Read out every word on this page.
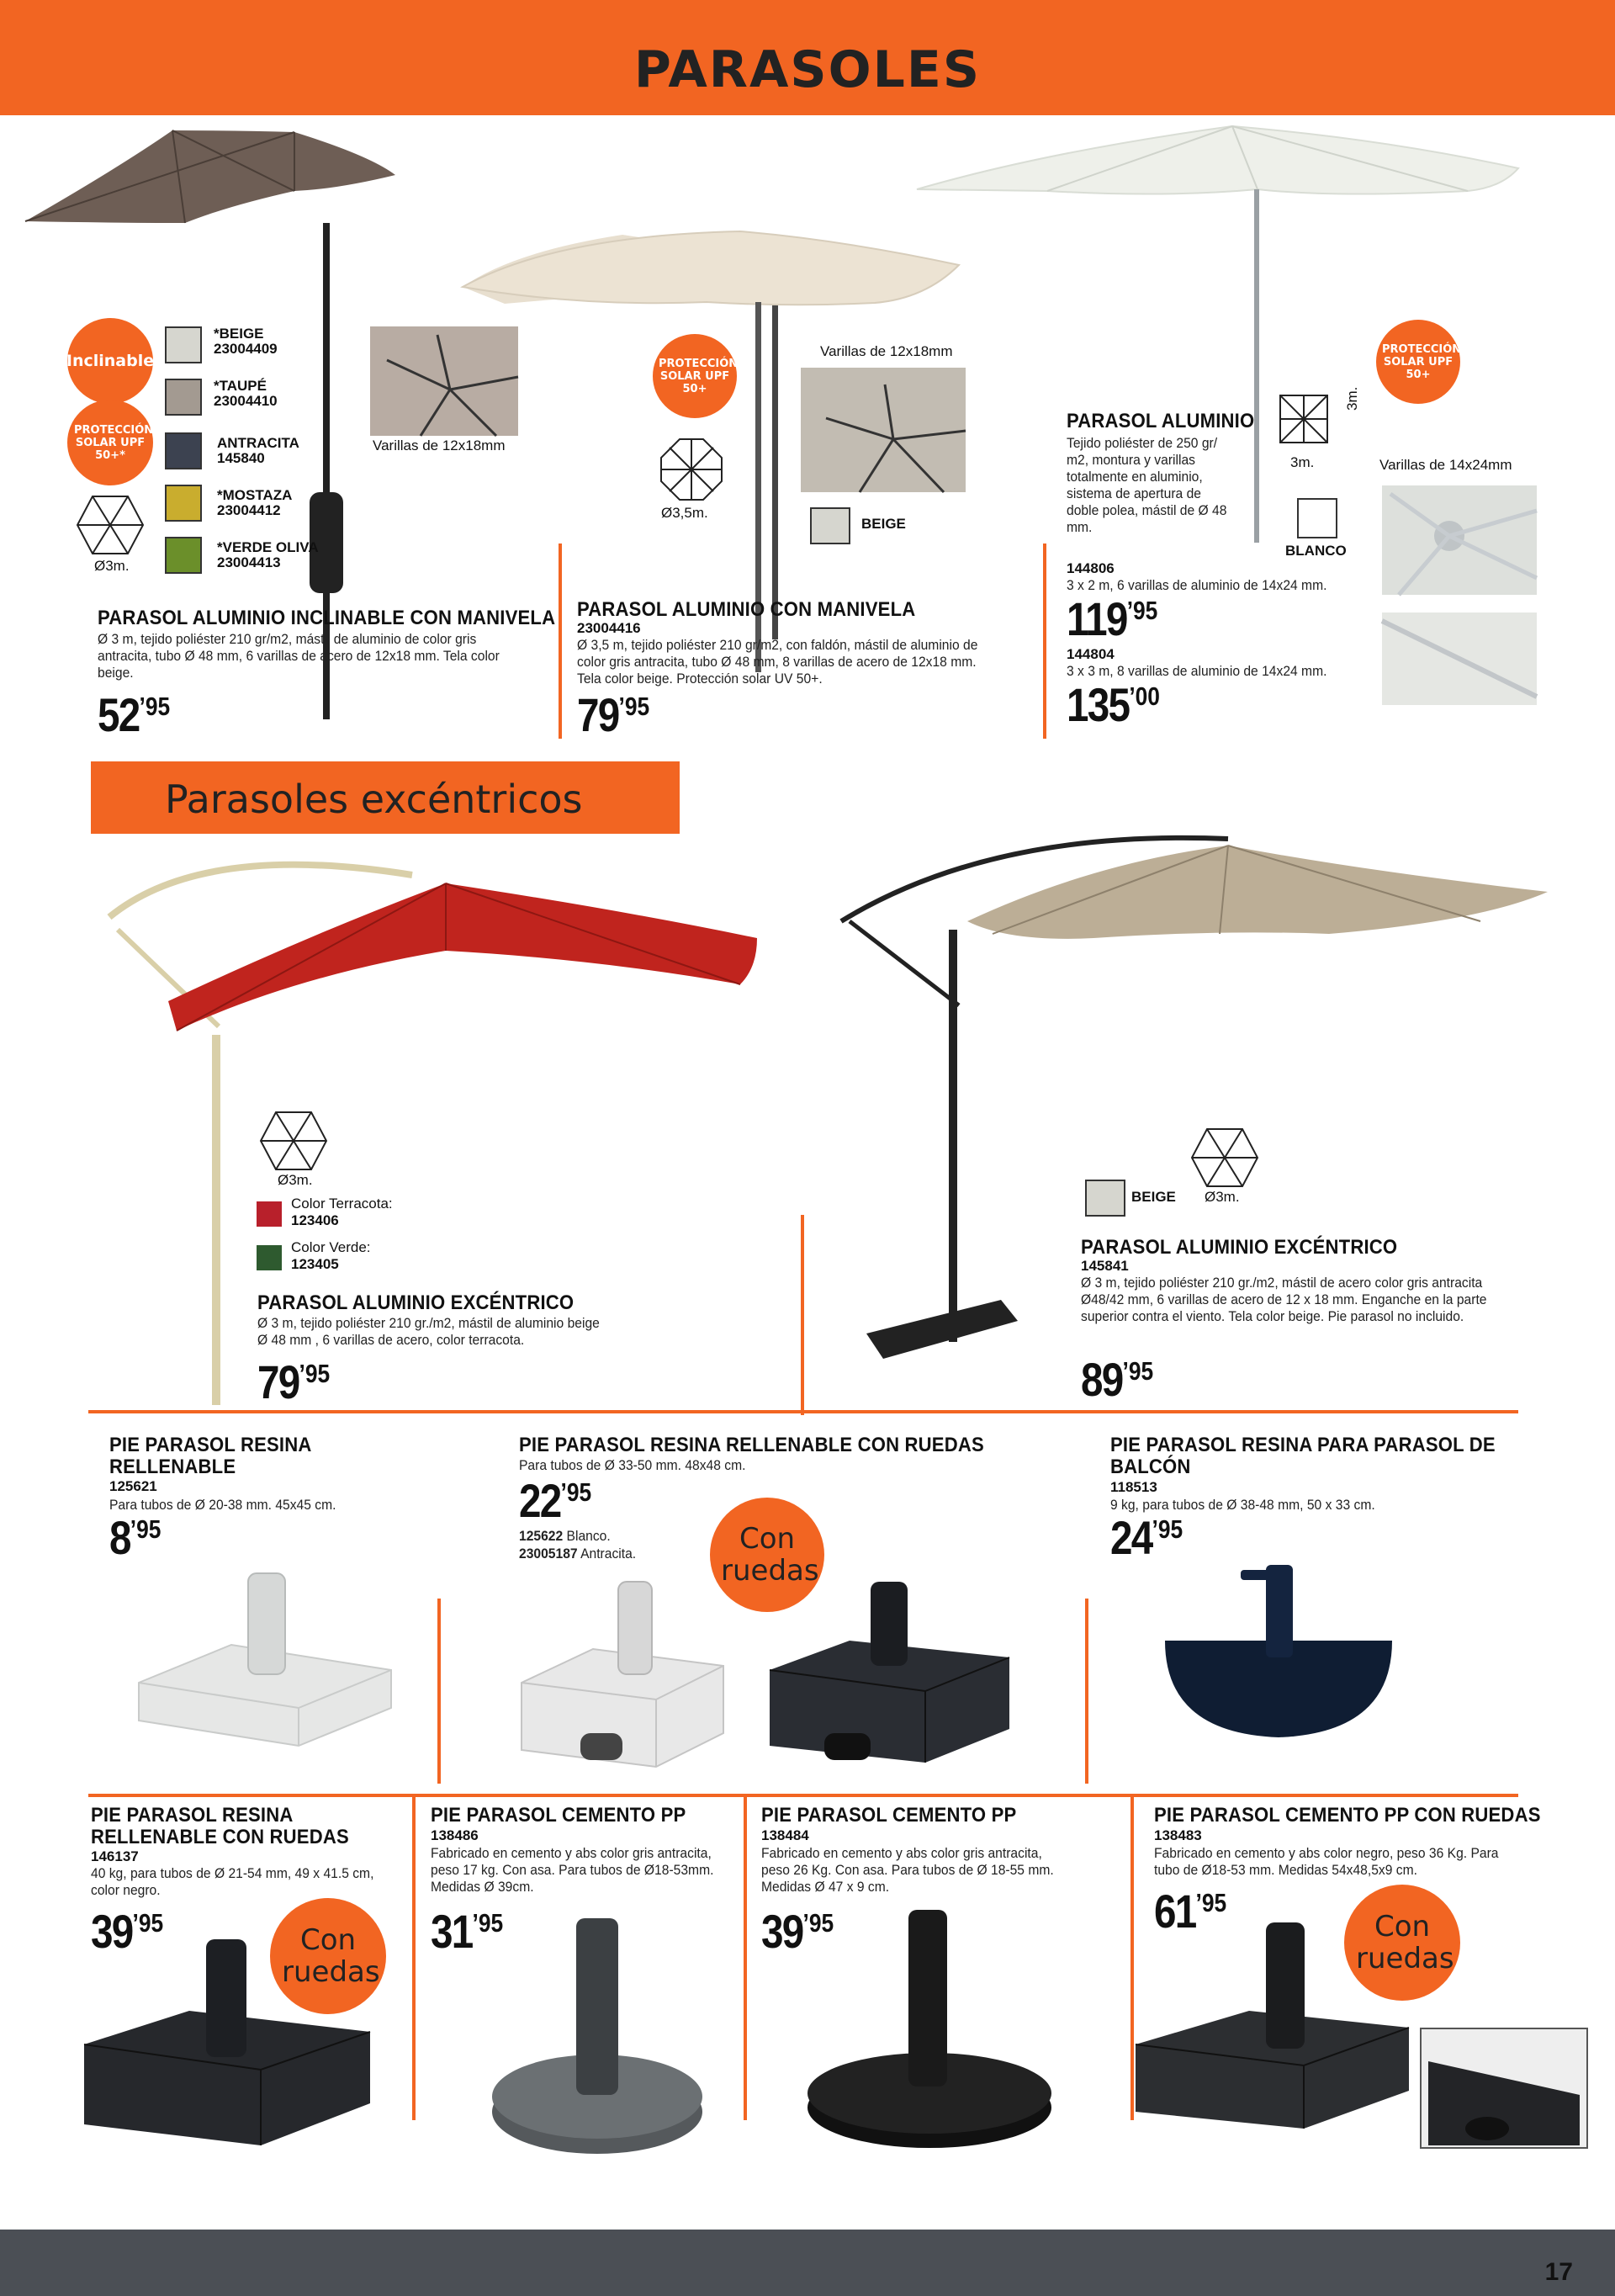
PARASOLES
Inclinable
PROTECCIÓN SOLAR UPF 50+*
Ø3m.
*BEIGE
23004409
*TAUPÉ
23004410
ANTRACITA
145840
*MOSTAZA
23004412
*VERDE OLIVA
23004413
Varillas de 12x18mm
PARASOL ALUMINIO INCLINABLE CON MANIVELA
Ø 3 m, tejido poliéster 210 gr/m2, mástil de aluminio de color gris antracita, tubo Ø 48 mm, 6 varillas de acero de 12x18 mm. Tela color beige.
$52^{’95}$
PROTECCIÓN SOLAR UPF 50+
Ø3,5m.
Varillas de 12x18mm
BEIGE
PARASOL ALUMINIO CON MANIVELA
23004416
Ø 3,5 m, tejido poliéster 210 gr/m2, con faldón, mástil de aluminio de color gris antracita, tubo Ø 48 mm, 8 varillas de acero de 12x18 mm. Tela color beige. Protección solar UV 50+.
$79^{’95}$
PROTECCIÓN SOLAR UPF 50+
PARASOL ALUMINIO
Tejido poliéster de 250 gr/ m2, montura y varillas totalmente en aluminio, sistema de apertura de doble polea, mástil de Ø 48 mm.
3m.
3m.
BLANCO
Varillas de 14x24mm
144806
3 x 2 m, 6 varillas de aluminio de 14x24 mm.
$119^{’95}$
144804
3 x 3 m, 8 varillas de aluminio de 14x24 mm.
$135^{’00}$
Parasoles excéntricos
Ø3m.
Color Terracota:
123406
Color Verde:
123405
PARASOL ALUMINIO EXCÉNTRICO
Ø 3 m, tejido poliéster 210 gr./m2, mástil de aluminio beige Ø 48 mm , 6 varillas de acero, color terracota.
$79^{’95}$
BEIGE Ø3m.
PARASOL ALUMINIO EXCÉNTRICO
145841
Ø 3 m, tejido poliéster 210 gr./m2, mástil de acero color gris antracita Ø48/42 mm, 6 varillas de acero de 12 x 18 mm. Enganche en la parte superior contra el viento. Tela color beige. Pie parasol no incluido.
$89^{’95}$
PIE PARASOL RESINA RELLENABLE
125621
Para tubos de Ø 20-38 mm. 45x45 cm.
$8^{’95}$
PIE PARASOL RESINA RELLENABLE CON RUEDAS
Para tubos de Ø 33-50 mm. 48x48 cm.
$22^{’95}$
125622 Blanco.
23005187 Antracita.	Con ruedas
PIE PARASOL RESINA PARA PARASOL DE BALCÓN
118513
9 kg, para tubos de Ø 38-48 mm, 50 x 33 cm.
$24^{’95}$
PIE PARASOL RESINA RELLENABLE CON RUEDAS
146137
40 kg, para tubos de Ø 21-54 mm, 49 x 41.5 cm, color negro.
$39^{’95}$
Con ruedas
PIE PARASOL CEMENTO PP
138486
Fabricado en cemento y abs color gris antracita, peso 17 kg. Con asa. Para tubos de Ø18-53mm. Medidas Ø 39cm.
$31^{’95}$
PIE PARASOL CEMENTO PP
138484
Fabricado en cemento y abs color gris antracita, peso 26 Kg. Con asa. Para tubos de Ø 18-55 mm. Medidas Ø 47 x 9 cm.
$39^{’95}$
PIE PARASOL CEMENTO PP CON RUEDAS
138483
Fabricado en cemento y abs color negro, peso 36 Kg. Para tubo de Ø18-53 mm. Medidas 54x48,5x9 cm.
$61^{’95}$
Con ruedas
17
